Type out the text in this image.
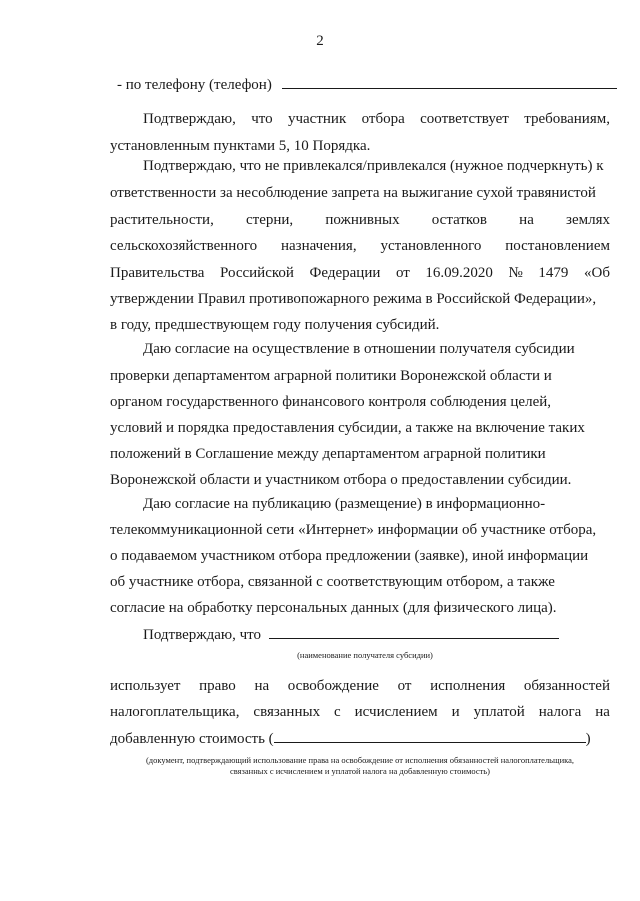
2
- по телефону (телефон)
Подтверждаю, что участник отбора соответствует требованиям,
установленным пунктами 5, 10 Порядка.
Подтверждаю, что не привлекался/привлекался (нужное подчеркнуть) к
ответственности за несоблюдение запрета на выжигание сухой травянистой
растительности, стерни, пожнивных остатков на землях
сельскохозяйственного назначения, установленного постановлением
Правительства Российской Федерации от 16.09.2020 № 1479 «Об
утверждении Правил противопожарного режима в Российской Федерации»,
в году, предшествующем году получения субсидий.
Даю согласие на осуществление в отношении получателя субсидии
проверки департаментом аграрной политики Воронежской области и
органом государственного финансового контроля соблюдения целей,
условий и порядка предоставления субсидии, а также на включение таких
положений в Соглашение между департаментом аграрной политики
Воронежской области и участником отбора о предоставлении субсидии.
Даю согласие на публикацию (размещение) в информационно-
телекоммуникационной сети «Интернет» информации об участнике отбора,
о подаваемом участником отбора предложении (заявке), иной информации
об участнике отбора, связанной с соответствующим отбором, а также
согласие на обработку персональных данных (для физического лица).
Подтверждаю, что
(наименование получателя субсидии)
использует право на освобождение от исполнения обязанностей
налогоплательщика, связанных с исчислением и уплатой налога на
добавленную стоимость (	)
(документ, подтверждающий использование права на освобождение от исполнения обязанностей налогоплательщика,
связанных с исчислением и уплатой налога на добавленную стоимость)
